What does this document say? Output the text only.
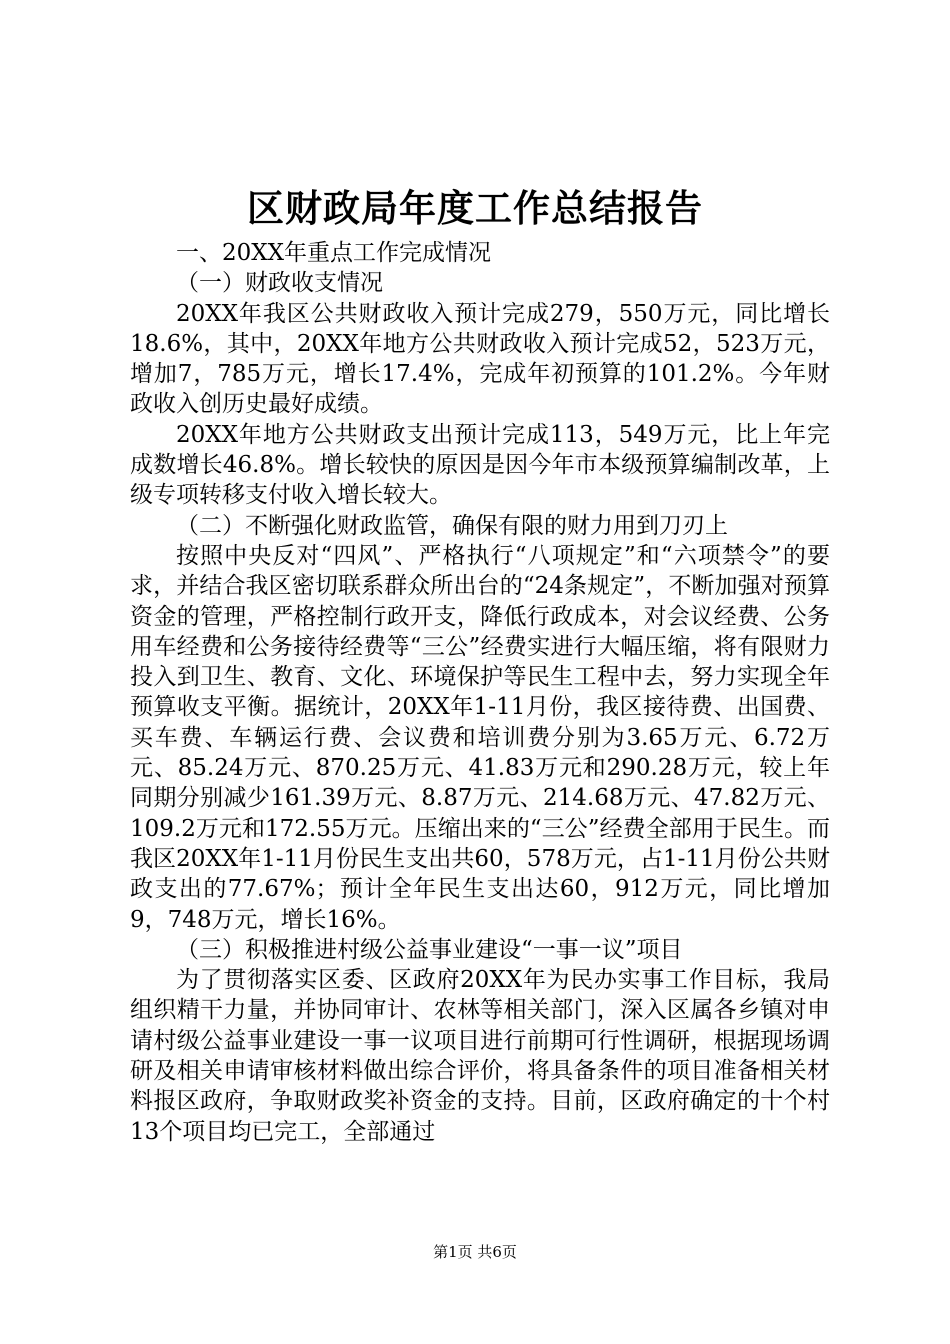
区财政局年度工作总结报告

一、20XX年重点工作完成情况

（一）财政收支情况

20XX年我区公共财政收入预计完成279，550万元，同比增长18.6%，其中，20XX年地方公共财政收入预计完成52，523万元，增加7，785万元，增长17.4%，完成年初预算的101.2%。今年财政收入创历史最好成绩。

20XX年地方公共财政支出预计完成113，549万元，比上年完成数增长46.8%。增长较快的原因是因今年市本级预算编制改革，上级专项转移支付收入增长较大。

（二）不断强化财政监管，确保有限的财力用到刀刃上

按照中央反对“四风”、严格执行“八项规定”和“六项禁令”的要求，并结合我区密切联系群众所出台的“24条规定”，不断加强对预算资金的管理，严格控制行政开支，降低行政成本，对会议经费、公务用车经费和公务接待经费等“三公”经费实进行大幅压缩，将有限财力投入到卫生、教育、文化、环境保护等民生工程中去，努力实现全年预算收支平衡。据统计，20XX年1-11月份，我区接待费、出国费、买车费、车辆运行费、会议费和培训费分别为3.65万元、6.72万元、85.24万元、870.25万元、41.83万元和290.28万元，较上年同期分别减少161.39万元、8.87万元、214.68万元、47.82万元、109.2万元和172.55万元。压缩出来的“三公”经费全部用于民生。而我区20XX年1-11月份民生支出共60，578万元，占1-11月份公共财政支出的77.67%；预计全年民生支出达60，912万元，同比增加9，748万元，增长16%。

（三）积极推进村级公益事业建设“一事一议”项目

为了贯彻落实区委、区政府20XX年为民办实事工作目标，我局组织精干力量，并协同审计、农林等相关部门，深入区属各乡镇对申请村级公益事业建设一事一议项目进行前期可行性调研，根据现场调研及相关申请审核材料做出综合评价，将具备条件的项目准备相关材料报区政府，争取财政奖补资金的支持。目前，区政府确定的十个村13个项目均已完工，全部通过

第1页 共6页
